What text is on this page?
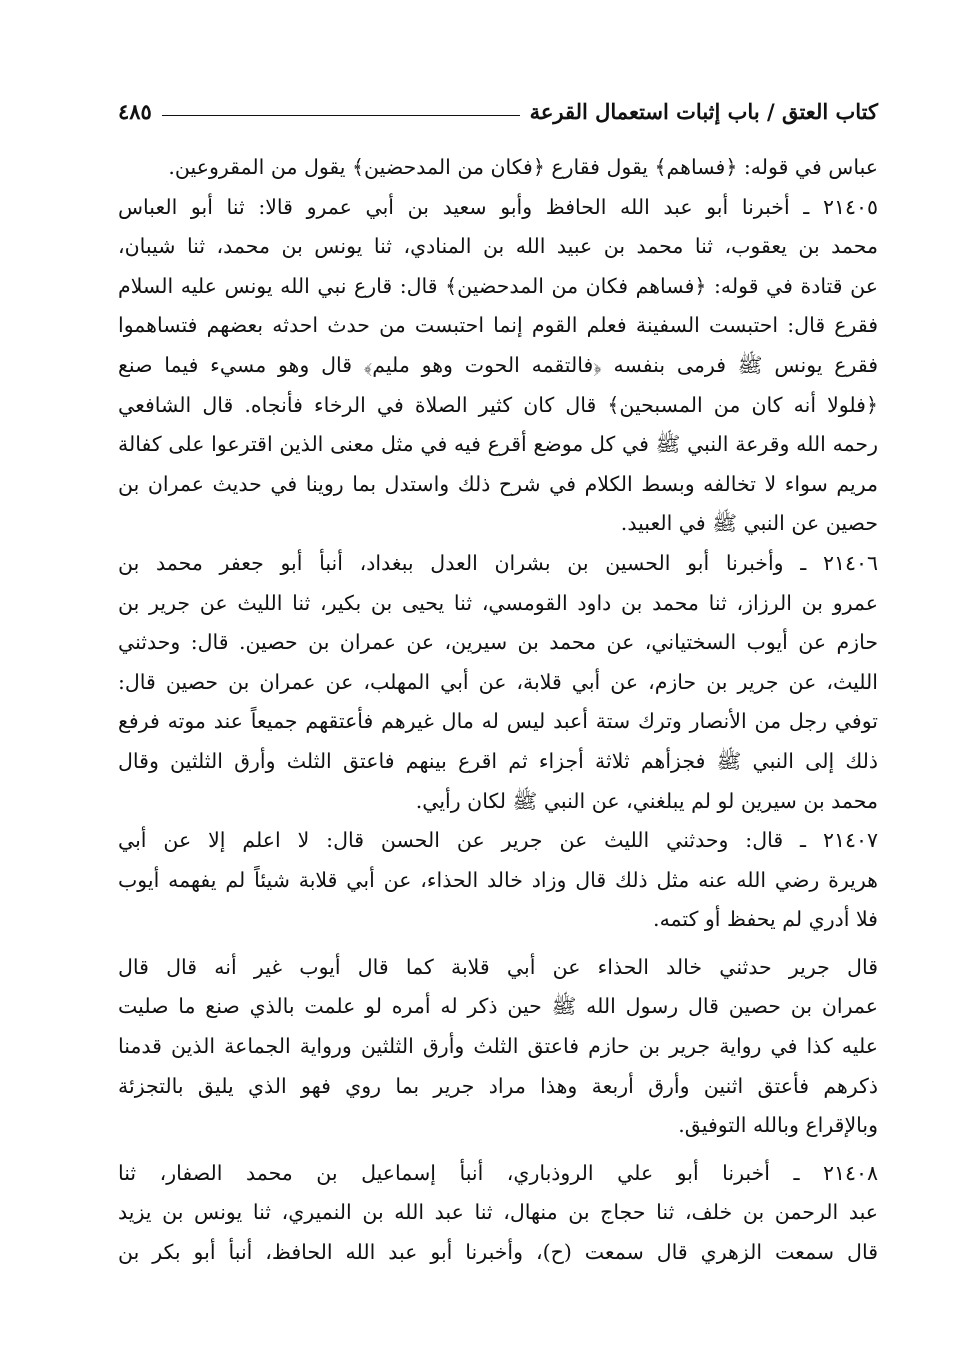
كتاب العتق / باب إثبات استعمال القرعة
٤٨٥
عباس في قوله: ﴿فساهم﴾ يقول فقارع ﴿فكان من المدحضين﴾ يقول من المقروعين.
٢١٤٠٥ ـ أخبرنا أبو عبد الله الحافظ وأبو سعيد بن أبي عمرو قالا: ثنا أبو العباس
محمد بن يعقوب، ثنا محمد بن عبيد الله بن المنادي، ثنا يونس بن محمد، ثنا شيبان،
عن قتادة في قوله: ﴿فساهم فكان من المدحضين﴾ قال: قارع نبي الله يونس عليه السلام
فقرع قال: احتبست السفينة فعلم القوم إنما احتبست من حدث احدثه بعضهم فتساهموا
فقرع يونس ﷺ فرمى بنفسه ﴿فالتقمه الحوت وهو مليم﴾ قال وهو مسيء فيما صنع
﴿فلولا أنه كان من المسبحين﴾ قال كان كثير الصلاة في الرخاء فأنجاه. قال الشافعي
رحمه الله وقرعة النبي ﷺ في كل موضع أقرع فيه في مثل معنى الذين اقترعوا على كفالة
مريم سواء لا تخالفه وبسط الكلام في شرح ذلك واستدل بما روينا في حديث عمران بن
حصين عن النبي ﷺ في العبيد.
٢١٤٠٦ ـ وأخبرنا أبو الحسين بن بشران العدل ببغداد، أنبأ أبو جعفر محمد بن
عمرو بن الرزاز، ثنا محمد بن داود القومسي، ثنا يحيى بن بكير، ثنا الليث عن جرير بن
حازم عن أيوب السختياني، عن محمد بن سيرين، عن عمران بن حصين. قال: وحدثني
الليث، عن جرير بن حازم، عن أبي قلابة، عن أبي المهلب، عن عمران بن حصين قال:
توفي رجل من الأنصار وترك ستة أعبد ليس له مال غيرهم فأعتقهم جميعاً عند موته فرفع
ذلك إلى النبي ﷺ فجزأهم ثلاثة أجزاء ثم اقرع بينهم فاعتق الثلث وأرق الثلثين وقال
محمد بن سيرين لو لم يبلغني، عن النبي ﷺ لكان رأيي.
٢١٤٠٧ ـ قال: وحدثني الليث عن جرير عن الحسن قال: لا اعلم إلا عن أبي
هريرة رضي الله عنه مثل ذلك قال وزاد خالد الحذاء، عن أبي قلابة شيئاً لم يفهمه أيوب
فلا أدري لم يحفظ أو كتمه.
قال جرير حدثني خالد الحذاء عن أبي قلابة كما قال أيوب غير أنه قال قال
عمران بن حصين قال رسول الله ﷺ حين ذكر له أمره لو علمت بالذي صنع ما صليت
عليه كذا في رواية جرير بن حازم فاعتق الثلث وأرق الثلثين ورواية الجماعة الذين قدمنا
ذكرهم فأعتق اثنين وأرق أربعة وهذا مراد جرير بما روي فهو الذي يليق بالتجزئة
وبالإقراع وبالله التوفيق.
٢١٤٠٨ ـ أخبرنا أبو علي الروذباري، أنبأ إسماعيل بن محمد الصفار، ثنا
عبد الرحمن بن خلف، ثنا حجاج بن منهال، ثنا عبد الله بن النميري، ثنا يونس بن يزيد
قال سمعت الزهري قال سمعت (ح)، وأخبرنا أبو عبد الله الحافظ، أنبأ أبو بكر بن
